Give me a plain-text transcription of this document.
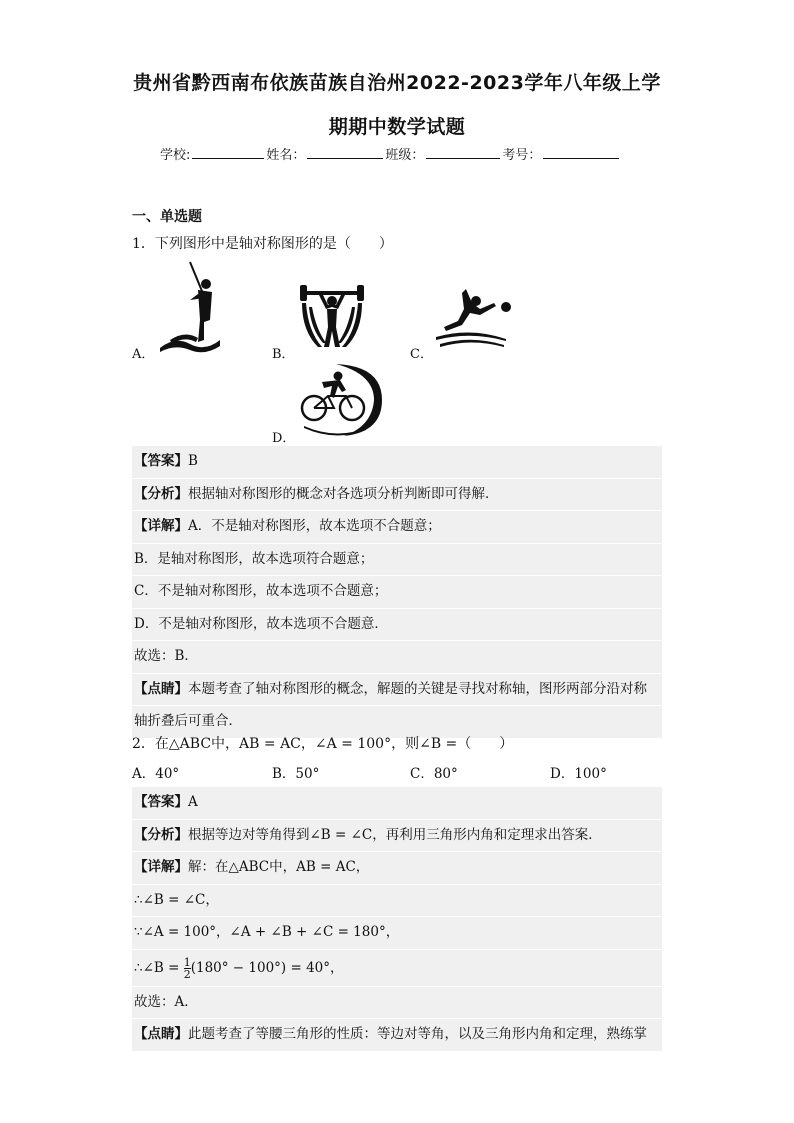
贵州省黔西南布依族苗族自治州2022-2023学年八年级上学
期期中数学试题
学校:	姓名：	班级：	考号：
一、单选题
1．下列图形中是轴对称图形的是（　　）
A．	B．	C．
D．
【答案】B
【分析】根据轴对称图形的概念对各选项分析判断即可得解．
【详解】A．不是轴对称图形，故本选项不合题意；
B．是轴对称图形，故本选项符合题意；
C．不是轴对称图形，故本选项不合题意；
D．不是轴对称图形，故本选项不合题意．
故选：B．
【点睛】本题考查了轴对称图形的概念，解题的关键是寻找对称轴，图形两部分沿对称
轴折叠后可重合．
2．在△ABC中，AB = AC，∠A = 100°，则∠B =（　　）
A．40°	B．50°	C．80°	D．100°
【答案】A
【分析】根据等边对等角得到∠B = ∠C，再利用三角形内角和定理求出答案．
【详解】解：在△ABC中，AB = AC，
∴∠B = ∠C，
∵∠A = 100°，∠A + ∠B + ∠C = 180°，
∴∠B = $\frac{1}{2} (180^\circ - 100^\circ) = 40^\circ$，
故选：A．
【点睛】此题考查了等腰三角形的性质：等边对等角，以及三角形内角和定理，熟练掌
